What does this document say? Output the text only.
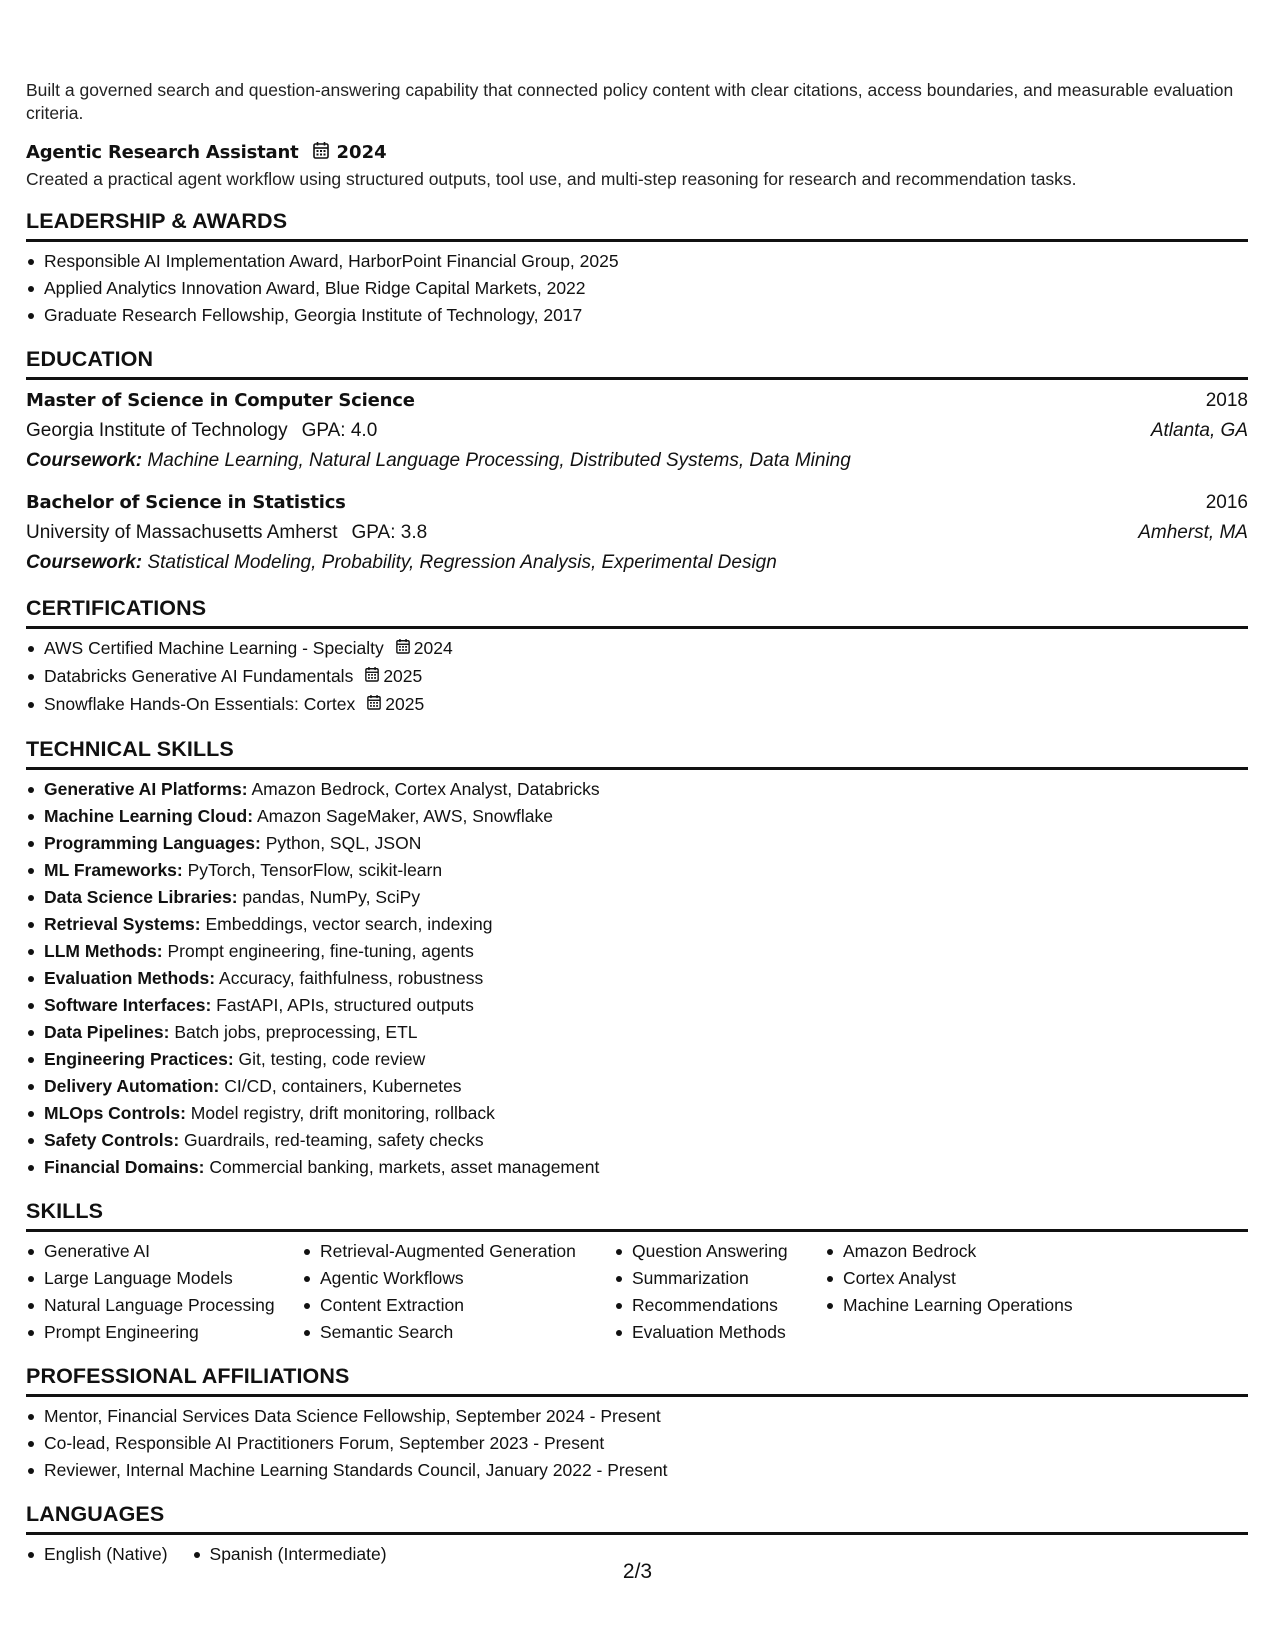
Built a governed search and question-answering capability that connected policy content with clear citations, access boundaries, and measurable evaluation criteria.

Agentic Research Assistant 2024

Created a practical agent workflow using structured outputs, tool use, and multi-step reasoning for research and recommendation tasks.

LEADERSHIP & AWARDS
Responsible AI Implementation Award, HarborPoint Financial Group, 2025
Applied Analytics Innovation Award, Blue Ridge Capital Markets, 2022
Graduate Research Fellowship, Georgia Institute of Technology, 2017
EDUCATION
Master of Science in Computer Science	2018
Georgia Institute of Technology GPA: 4.0	Atlanta, GA
Coursework: Machine Learning, Natural Language Processing, Distributed Systems, Data Mining
Bachelor of Science in Statistics	2016
University of Massachusetts Amherst GPA: 3.8	Amherst, MA
Coursework: Statistical Modeling, Probability, Regression Analysis, Experimental Design
CERTIFICATIONS
AWS Certified Machine Learning - Specialty 2024
Databricks Generative AI Fundamentals 2025
Snowflake Hands-On Essentials: Cortex 2025
TECHNICAL SKILLS
Generative AI Platforms: Amazon Bedrock, Cortex Analyst, Databricks
Machine Learning Cloud: Amazon SageMaker, AWS, Snowflake
Programming Languages: Python, SQL, JSON
ML Frameworks: PyTorch, TensorFlow, scikit-learn
Data Science Libraries: pandas, NumPy, SciPy
Retrieval Systems: Embeddings, vector search, indexing
LLM Methods: Prompt engineering, fine-tuning, agents
Evaluation Methods: Accuracy, faithfulness, robustness
Software Interfaces: FastAPI, APIs, structured outputs
Data Pipelines: Batch jobs, preprocessing, ETL
Engineering Practices: Git, testing, code review
Delivery Automation: CI/CD, containers, Kubernetes
MLOps Controls: Model registry, drift monitoring, rollback
Safety Controls: Guardrails, red-teaming, safety checks
Financial Domains: Commercial banking, markets, asset management
SKILLS
Generative AI
Large Language Models
Natural Language Processing
Prompt Engineering
Retrieval-Augmented Generation
Agentic Workflows
Content Extraction
Semantic Search
Question Answering
Summarization
Recommendations
Evaluation Methods
Amazon Bedrock
Cortex Analyst
Machine Learning Operations
PROFESSIONAL AFFILIATIONS
Mentor, Financial Services Data Science Fellowship, September 2024 - Present
Co-lead, Responsible AI Practitioners Forum, September 2023 - Present
Reviewer, Internal Machine Learning Standards Council, January 2022 - Present
LANGUAGES
English (Native)	Spanish (Intermediate)
2/3
